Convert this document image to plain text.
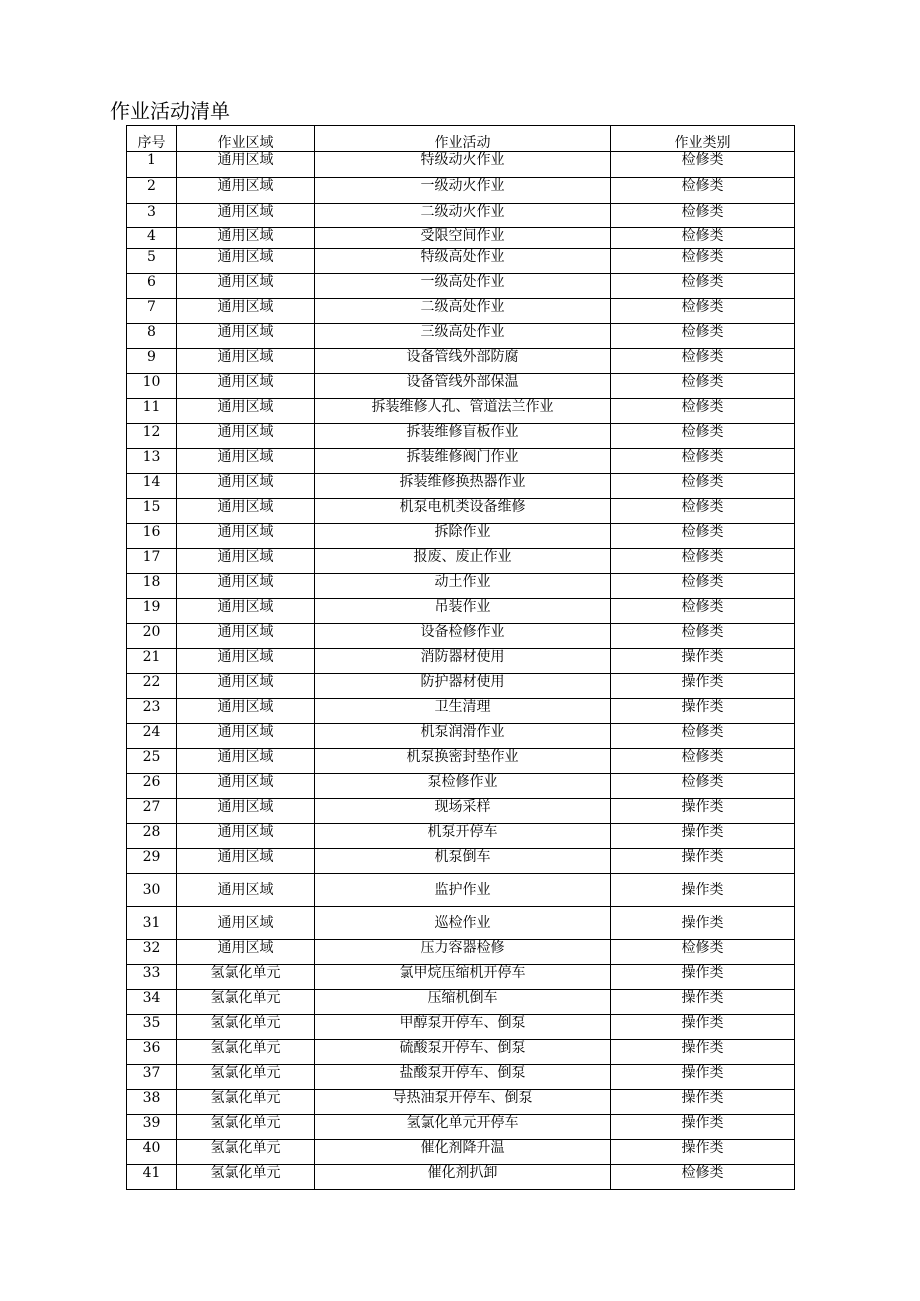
作业活动清单
序号	作业区域	作业活动	作业类别
1	通用区域	特级动火作业	检修类
2	通用区域	一级动火作业	检修类
3	通用区域	二级动火作业	检修类
4	通用区域	受限空间作业	检修类
5	通用区域	特级高处作业	检修类
6	通用区域	一级高处作业	检修类
7	通用区域	二级高处作业	检修类
8	通用区域	三级高处作业	检修类
9	通用区域	设备管线外部防腐	检修类
10	通用区域	设备管线外部保温	检修类
11	通用区域	拆装维修人孔、管道法兰作业	检修类
12	通用区域	拆装维修盲板作业	检修类
13	通用区域	拆装维修阀门作业	检修类
14	通用区域	拆装维修换热器作业	检修类
15	通用区域	机泵电机类设备维修	检修类
16	通用区域	拆除作业	检修类
17	通用区域	报废、废止作业	检修类
18	通用区域	动土作业	检修类
19	通用区域	吊装作业	检修类
20	通用区域	设备检修作业	检修类
21	通用区域	消防器材使用	操作类
22	通用区域	防护器材使用	操作类
23	通用区域	卫生清理	操作类
24	通用区域	机泵润滑作业	检修类
25	通用区域	机泵换密封垫作业	检修类
26	通用区域	泵检修作业	检修类
27	通用区域	现场采样	操作类
28	通用区域	机泵开停车	操作类
29	通用区域	机泵倒车	操作类
30	通用区域	监护作业	操作类
31	通用区域	巡检作业	操作类
32	通用区域	压力容器检修	检修类
33	氢氯化单元	氯甲烷压缩机开停车	操作类
34	氢氯化单元	压缩机倒车	操作类
35	氢氯化单元	甲醇泵开停车、倒泵	操作类
36	氢氯化单元	硫酸泵开停车、倒泵	操作类
37	氢氯化单元	盐酸泵开停车、倒泵	操作类
38	氢氯化单元	导热油泵开停车、倒泵	操作类
39	氢氯化单元	氢氯化单元开停车	操作类
40	氢氯化单元	催化剂降升温	操作类
41	氢氯化单元	催化剂扒卸	检修类
